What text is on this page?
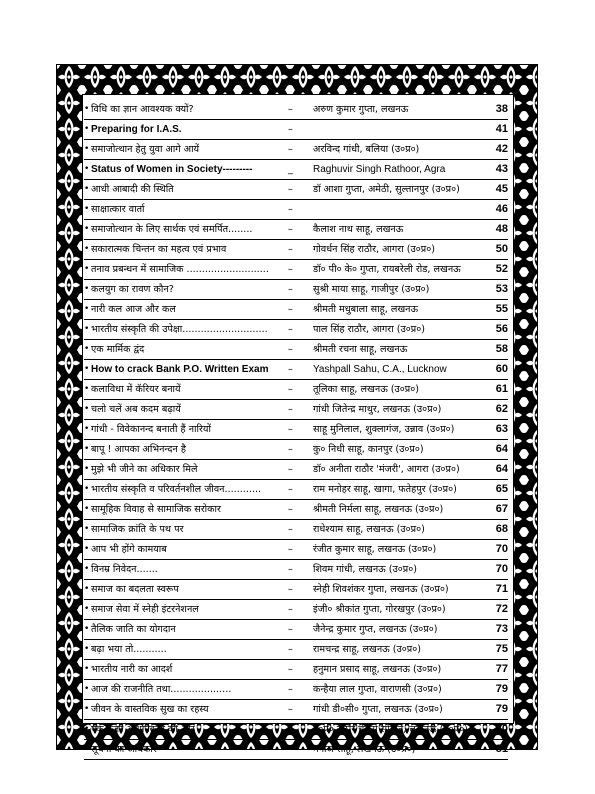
• विधि का ज्ञान आवश्यक क्यों?	– अरुण कुमार गुप्ता, लखनऊ	38
• Preparing for I.A.S.	–	41
• समाजोत्थान हेतु युवा आगे आयें	– अरविन्द गांधी, बलिया (उ०प्र०)	42
• Status of Women in Society---------	_ Raghuvir Singh Rathoor, Agra	43
• आधी आबादी की स्थिति	– डॉ आशा गुप्ता, अमेठी, सुल्तानपुर (उ०प्र०)	45
• साक्षात्कार वार्ता	–	46
• समाजोत्थान के लिए सार्थक एवं समर्पित........	– कैलाश नाथ साहू, लखनऊ	48
• सकारात्मक चिन्तन का महत्व एवं प्रभाव	– गोवर्धन सिंह राठौर, आगरा (उ०प्र०)	50
• तनाव प्रबन्धन में सामाजिक ...........................	– डॉ० पी० के० गुप्ता, रायबरेली रोड, लखनऊ	52
• कलयुग का रावण कौन?	– सुश्री माया साहू, गाजीपुर (उ०प्र०)	53
• नारी कल आज और कल	– श्रीमती मधुबाला साहू, लखनऊ	55
• भारतीय संस्कृति की उपेक्षा............................	– पाल सिंह राठौर, आगरा (उ०प्र०)	56
• एक मार्मिक द्वंद	– श्रीमती रचना साहू, लखनऊ	58
• How to crack Bank P.O. Written Exam	– Yashpall Sahu, C.A., Lucknow	60
• कलाविधा में कॅरियर बनायें	– तूलिका साहू, लखनऊ (उ०प्र०)	61
• चलो चलें अब कदम बढ़ायें	– गांधी जितेन्द्र माथुर, लखनऊ (उ०प्र०)	62
• गांधी - विवेकानन्द बनाती हैं नारियों	– साहू मुनिलाल, शुक्लागंज, उन्नाव (उ०प्र०)	63
• बापू ! आपका अभिनन्दन है	– कु० निधी साहू, कानपुर (उ०प्र०)	64
• मुझे भी जीने का अधिकार मिले	– डॉ० अनीता राठौर 'मंजरी', आगरा (उ०प्र०)	64
• भारतीय संस्कृति व परिवर्तनशील जीवन............	– राम मनोहर साहू, खागा, फतेहपुर (उ०प्र०)	65
• सामूहिक विवाह से सामाजिक सरोकार	– श्रीमती निर्मला साहू, लखनऊ (उ०प्र०)	67
• सामाजिक क्रांति के पथ पर	– राधेश्याम साहू, लखनऊ (उ०प्र०)	68
• आप भी होंगे कामयाब	– रंजीत कुमार साहू, लखनऊ (उ०प्र०)	70
• विनम्र निवेदन.......	– शिवम गांधी, लखनऊ (उ०प्र०)	70
• समाज का बदलता स्वरूप	– स्नेही शिवशंकर गुप्ता, लखनऊ (उ०प्र०)	71
• समाज सेवा में स्नेही इंटरनेशनल	– इंजी० श्रीकांत गुप्ता, गोरखपुर (उ०प्र०)	72
• तैलिक जाति का योगदान	– जैनेन्द्र कुमार गुप्त, लखनऊ (उ०प्र०)	73
• बढ़ा भया तो...........	– रामचन्द्र साहू, लखनऊ (उ०प्र०)	75
• भारतीय नारी का आदर्श	– हनुमान प्रसाद साहू, लखनऊ (उ०प्र०)	77
• आज की राजनीति तथा....................	– कन्हैया लाल गुप्ता, वाराणसी (उ०प्र०)	79
• जीवन के वास्तविक सुख का रहस्य	– गांधी डी०सी० गुप्ता, लखनऊ (उ०प्र०)	79
• एक नजर आधुनिकता की ओर -	– उ०प्र० राठौर चेतना समिति, लखनऊ (उ०प्र०)	80
• सूचना का अधिकार	– मनोज साहू, लखनऊ (उ०प्र०)	81
